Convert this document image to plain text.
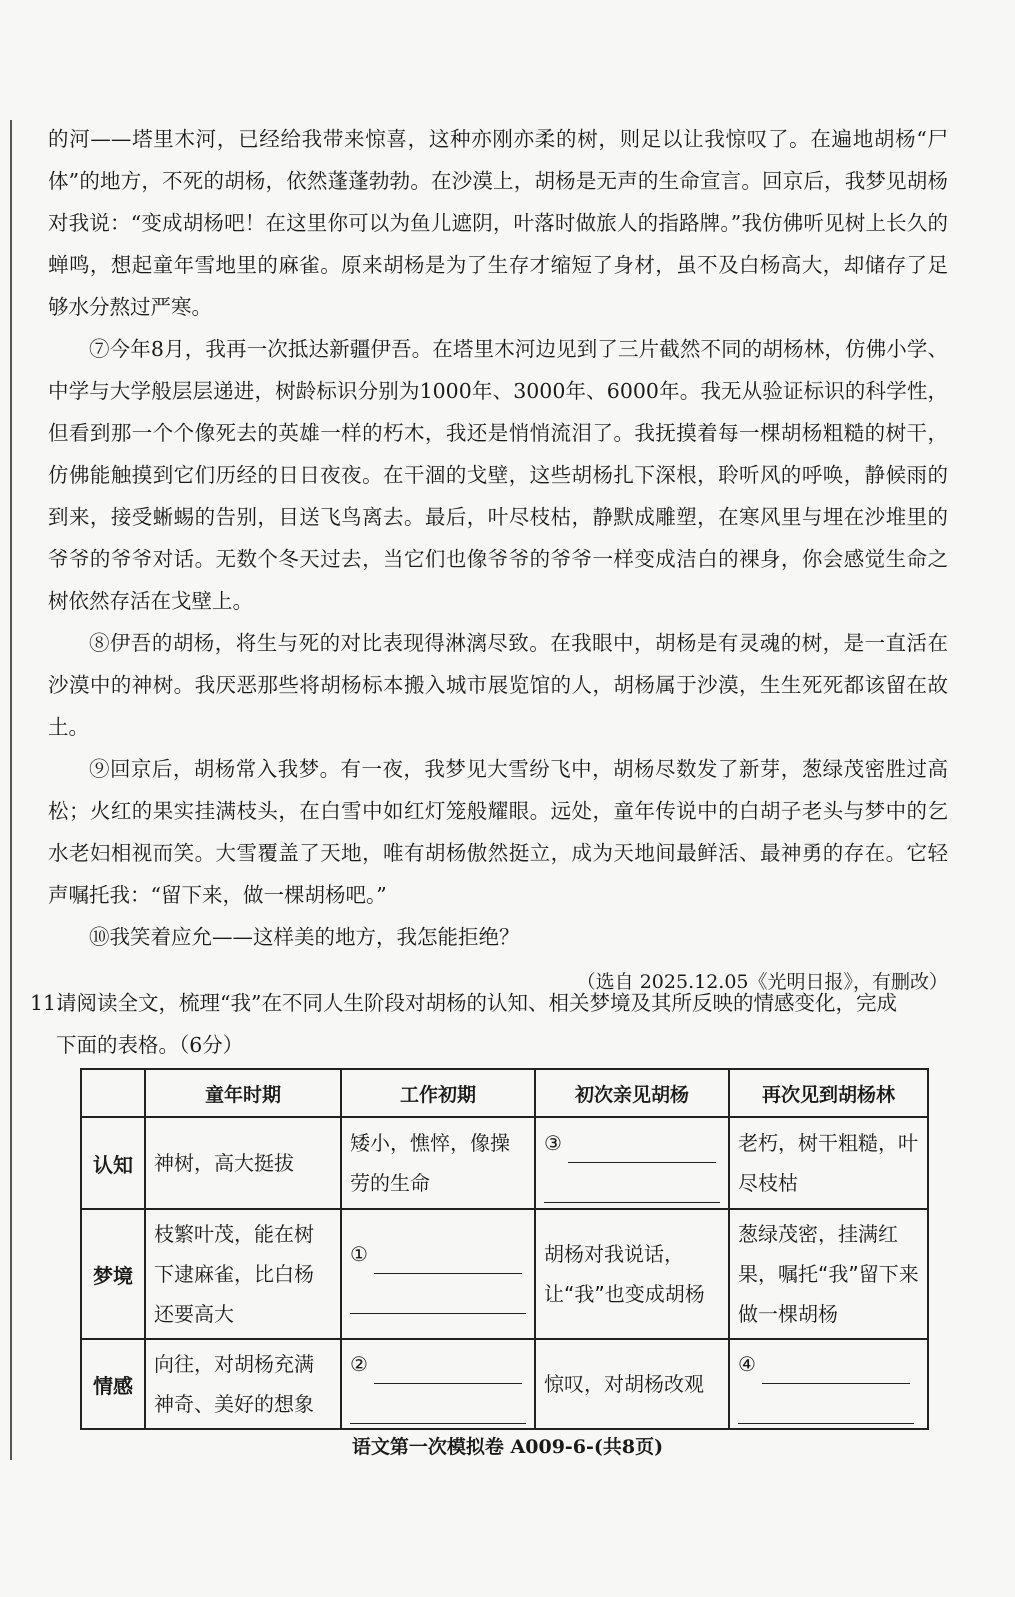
的河——塔里木河，已经给我带来惊喜，这种亦刚亦柔的树，则足以让我惊叹了。在遍地胡杨“尸体”的地方，不死的胡杨，依然蓬蓬勃勃。在沙漠上，胡杨是无声的生命宣言。回京后，我梦见胡杨对我说：“变成胡杨吧！在这里你可以为鱼儿遮阴，叶落时做旅人的指路牌。”我仿佛听见树上长久的蝉鸣，想起童年雪地里的麻雀。原来胡杨是为了生存才缩短了身材，虽不及白杨高大，却储存了足够水分熬过严寒。

⑦今年8月，我再一次抵达新疆伊吾。在塔里木河边见到了三片截然不同的胡杨林，仿佛小学、中学与大学般层层递进，树龄标识分别为1000年、3000年、6000年。我无从验证标识的科学性，但看到那一个个像死去的英雄一样的朽木，我还是悄悄流泪了。我抚摸着每一棵胡杨粗糙的树干，仿佛能触摸到它们历经的日日夜夜。在干涸的戈壁，这些胡杨扎下深根，聆听风的呼唤，静候雨的到来，接受蜥蜴的告别，目送飞鸟离去。最后，叶尽枝枯，静默成雕塑，在寒风里与埋在沙堆里的爷爷的爷爷对话。无数个冬天过去，当它们也像爷爷的爷爷一样变成洁白的裸身，你会感觉生命之树依然存活在戈壁上。

⑧伊吾的胡杨，将生与死的对比表现得淋漓尽致。在我眼中，胡杨是有灵魂的树，是一直活在沙漠中的神树。我厌恶那些将胡杨标本搬入城市展览馆的人，胡杨属于沙漠，生生死死都该留在故土。

⑨回京后，胡杨常入我梦。有一夜，我梦见大雪纷飞中，胡杨尽数发了新芽，葱绿茂密胜过高松；火红的果实挂满枝头，在白雪中如红灯笼般耀眼。远处，童年传说中的白胡子老头与梦中的乞水老妇相视而笑。大雪覆盖了天地，唯有胡杨傲然挺立，成为天地间最鲜活、最神勇的存在。它轻声嘱托我：“留下来，做一棵胡杨吧。”

⑩我笑着应允——这样美的地方，我怎能拒绝？

（选自 2025.12.05《光明日报》，有删改）

11.请阅读全文，梳理“我”在不同人生阶段对胡杨的认知、相关梦境及其所反映的情感变化，完成
下面的表格。（6分）
	童年时期	工作初期	初次亲见胡杨	再次见到胡杨林
认知	神树，高大挺拔	矮小，憔悴，像操劳的生命	③	老朽，树干粗糙，叶尽枝枯
梦境	枝繁叶茂，能在树下逮麻雀，比白杨还要高大	①	胡杨对我说话，让“我”也变成胡杨	葱绿茂密，挂满红果，嘱托“我”留下来做一棵胡杨
情感	向往，对胡杨充满神奇、美好的想象	②	惊叹，对胡杨改观	④
语文第一次模拟卷 A009-6-(共8页)
